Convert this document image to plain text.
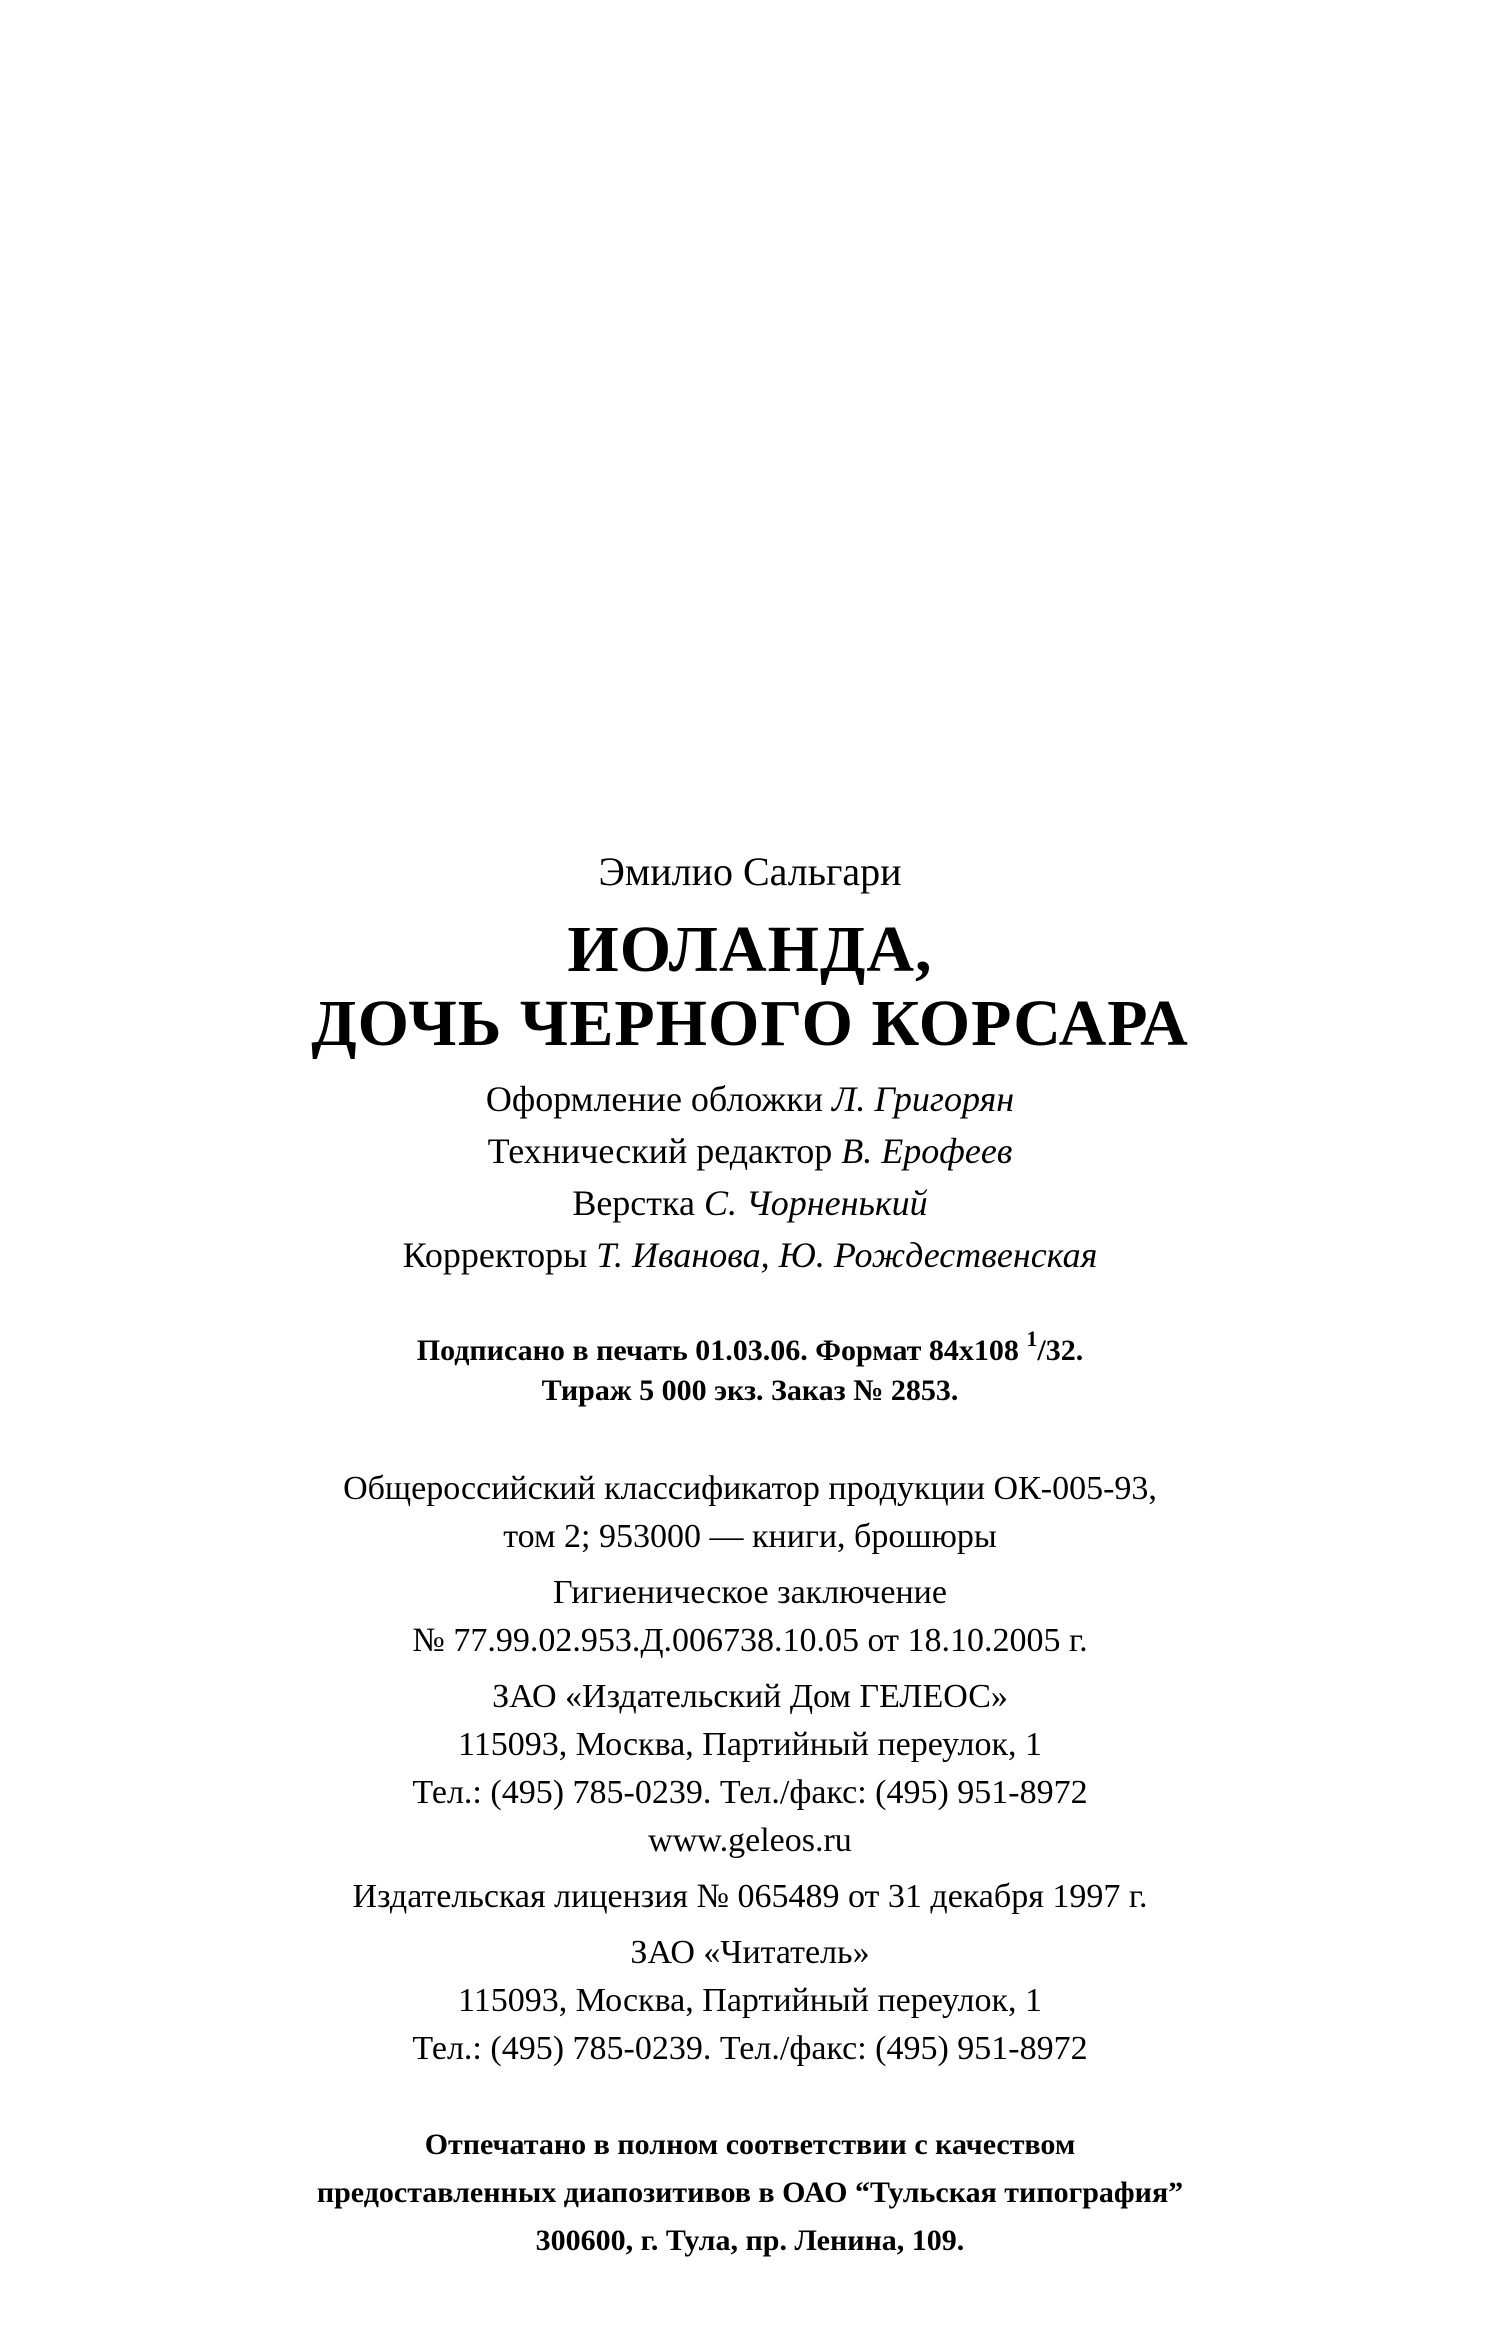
Эмилио Сальгари
ИОЛАНДА,
ДОЧЬ ЧЕРНОГО КОРСАРА
Оформление обложки Л. Григорян
Технический редактор В. Ерофеев
Верстка С. Чорненький
Корректоры Т. Иванова, Ю. Рождественская
Подписано в печать 01.03.06. Формат 84х108 $^1$/32.
Тираж 5 000 экз. Заказ № 2853.
Общероссийский классификатор продукции ОК-005-93,
том 2; 953000 — книги, брошюры
Гигиеническое заключение
№ 77.99.02.953.Д.006738.10.05 от 18.10.2005 г.
ЗАО «Издательский Дом ГЕЛЕОС»
115093, Москва, Партийный переулок, 1
Тел.: (495) 785-0239. Тел./факс: (495) 951-8972
www.geleos.ru
Издательская лицензия № 065489 от 31 декабря 1997 г.
ЗАО «Читатель»
115093, Москва, Партийный переулок, 1
Тел.: (495) 785-0239. Тел./факс: (495) 951-8972
Отпечатано в полном соответствии с качеством
предоставленных диапозитивов в ОАО “Тульская типография”
300600, г. Тула, пр. Ленина, 109.
